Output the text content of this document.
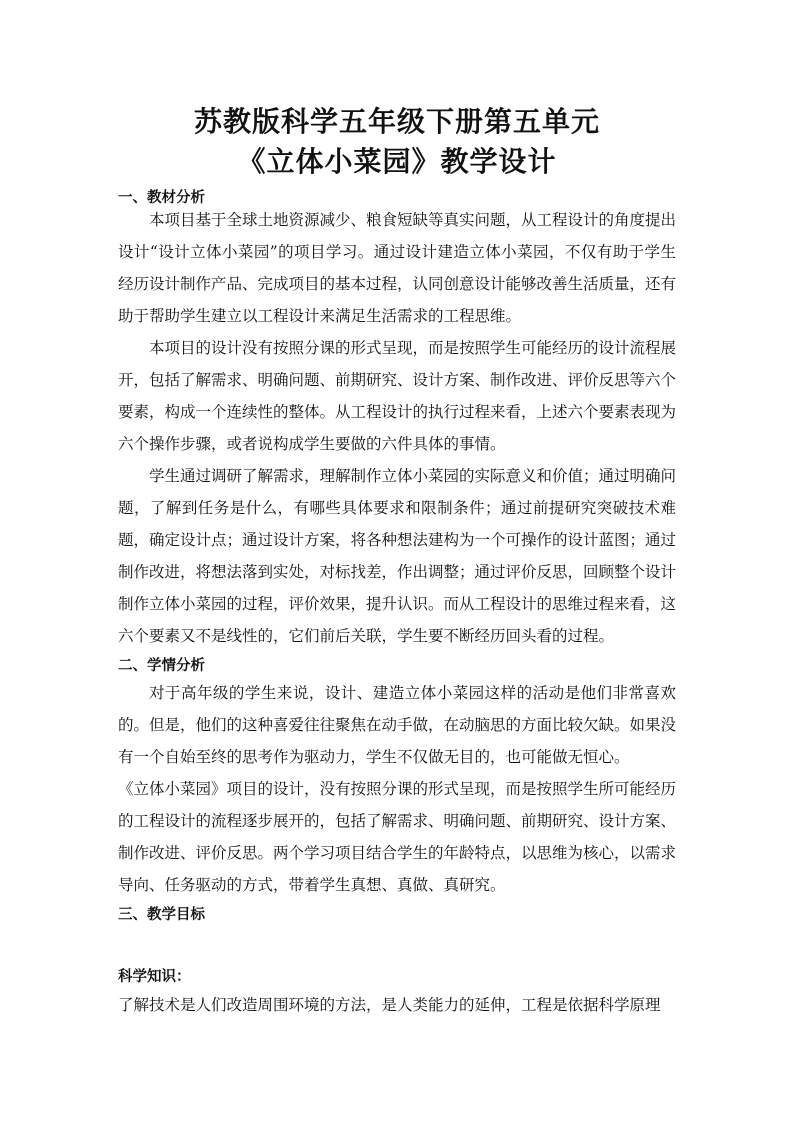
苏教版科学五年级下册第五单元
《立体小菜园》教学设计
一、教材分析

本项目基于全球土地资源减少、粮食短缺等真实问题，从工程设计的角度提出设计“设计立体小菜园”的项目学习。通过设计建造立体小菜园，不仅有助于学生经历设计制作产品、完成项目的基本过程，认同创意设计能够改善生活质量，还有助于帮助学生建立以工程设计来满足生活需求的工程思维。

本项目的设计没有按照分课的形式呈现，而是按照学生可能经历的设计流程展开，包括了解需求、明确问题、前期研究、设计方案、制作改进、评价反思等六个要素，构成一个连续性的整体。从工程设计的执行过程来看，上述六个要素表现为六个操作步骤，或者说构成学生要做的六件具体的事情。

学生通过调研了解需求，理解制作立体小菜园的实际意义和价值；通过明确问题，了解到任务是什么，有哪些具体要求和限制条件；通过前提研究突破技术难题，确定设计点；通过设计方案，将各种想法建构为一个可操作的设计蓝图；通过制作改进，将想法落到实处，对标找差，作出调整；通过评价反思，回顾整个设计制作立体小菜园的过程，评价效果，提升认识。而从工程设计的思维过程来看，这六个要素又不是线性的，它们前后关联，学生要不断经历回头看的过程。

二、学情分析

对于高年级的学生来说，设计、建造立体小菜园这样的活动是他们非常喜欢的。但是，他们的这种喜爱往往聚焦在动手做，在动脑思的方面比较欠缺。如果没有一个自始至终的思考作为驱动力，学生不仅做无目的，也可能做无恒心。

《立体小菜园》项目的设计，没有按照分课的形式呈现，而是按照学生所可能经历的工程设计的流程逐步展开的，包括了解需求、明确问题、前期研究、设计方案、制作改进、评价反思。两个学习项目结合学生的年龄特点，以思维为核心，以需求导向、任务驱动的方式，带着学生真想、真做、真研究。

三、教学目标
科学知识：

了解技术是人们改造周围环境的方法，是人类能力的延伸，工程是依据科学原理
